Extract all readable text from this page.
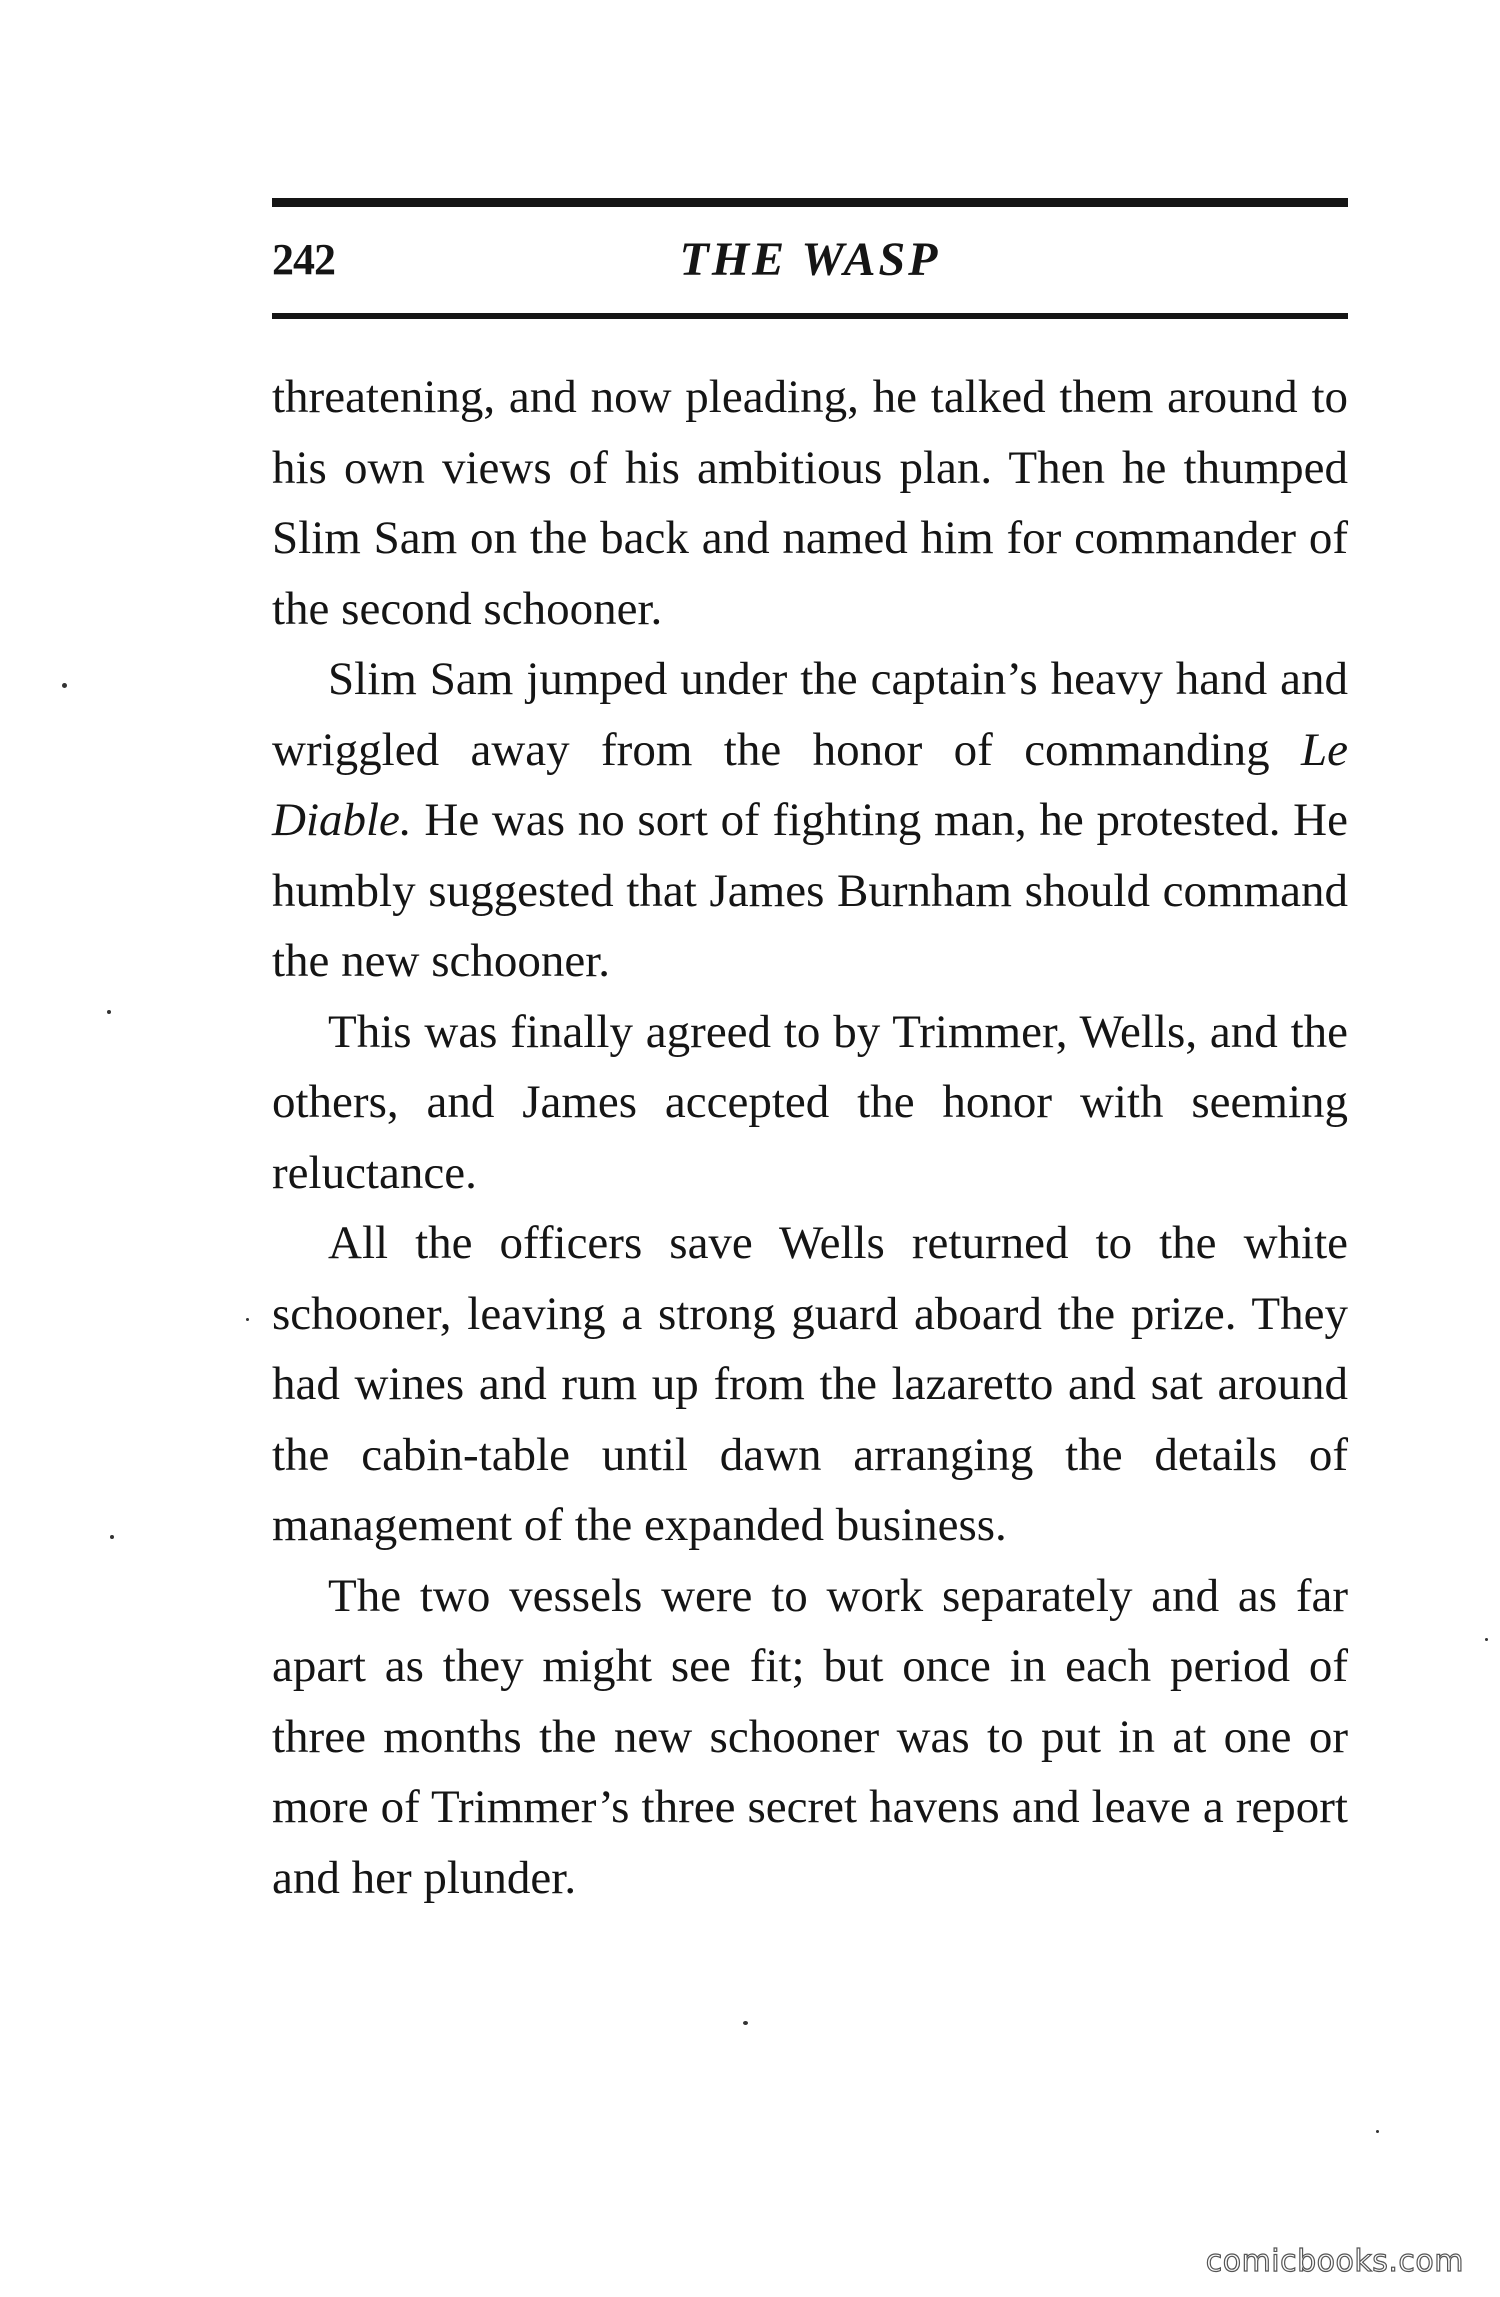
242	THE WASP

threatening, and now pleading, he talked them around to his own views of his ambitious plan. Then he thumped Slim Sam on the back and named him for commander of the second schooner.

Slim Sam jumped under the captain’s heavy hand and wriggled away from the honor of commanding Le Diable. He was no sort of fighting man, he protested. He humbly suggested that James Burnham should command the new schooner.

This was finally agreed to by Trimmer, Wells, and the others, and James accepted the honor with seeming reluctance.

All the officers save Wells returned to the white schooner, leaving a strong guard aboard the prize. They had wines and rum up from the lazaretto and sat around the cabin-table until dawn arranging the details of management of the expanded business.

The two vessels were to work separately and as far apart as they might see fit; but once in each period of three months the new schooner was to put in at one or more of Trimmer’s three secret havens and leave a report and her plunder.

comicbooks.com
